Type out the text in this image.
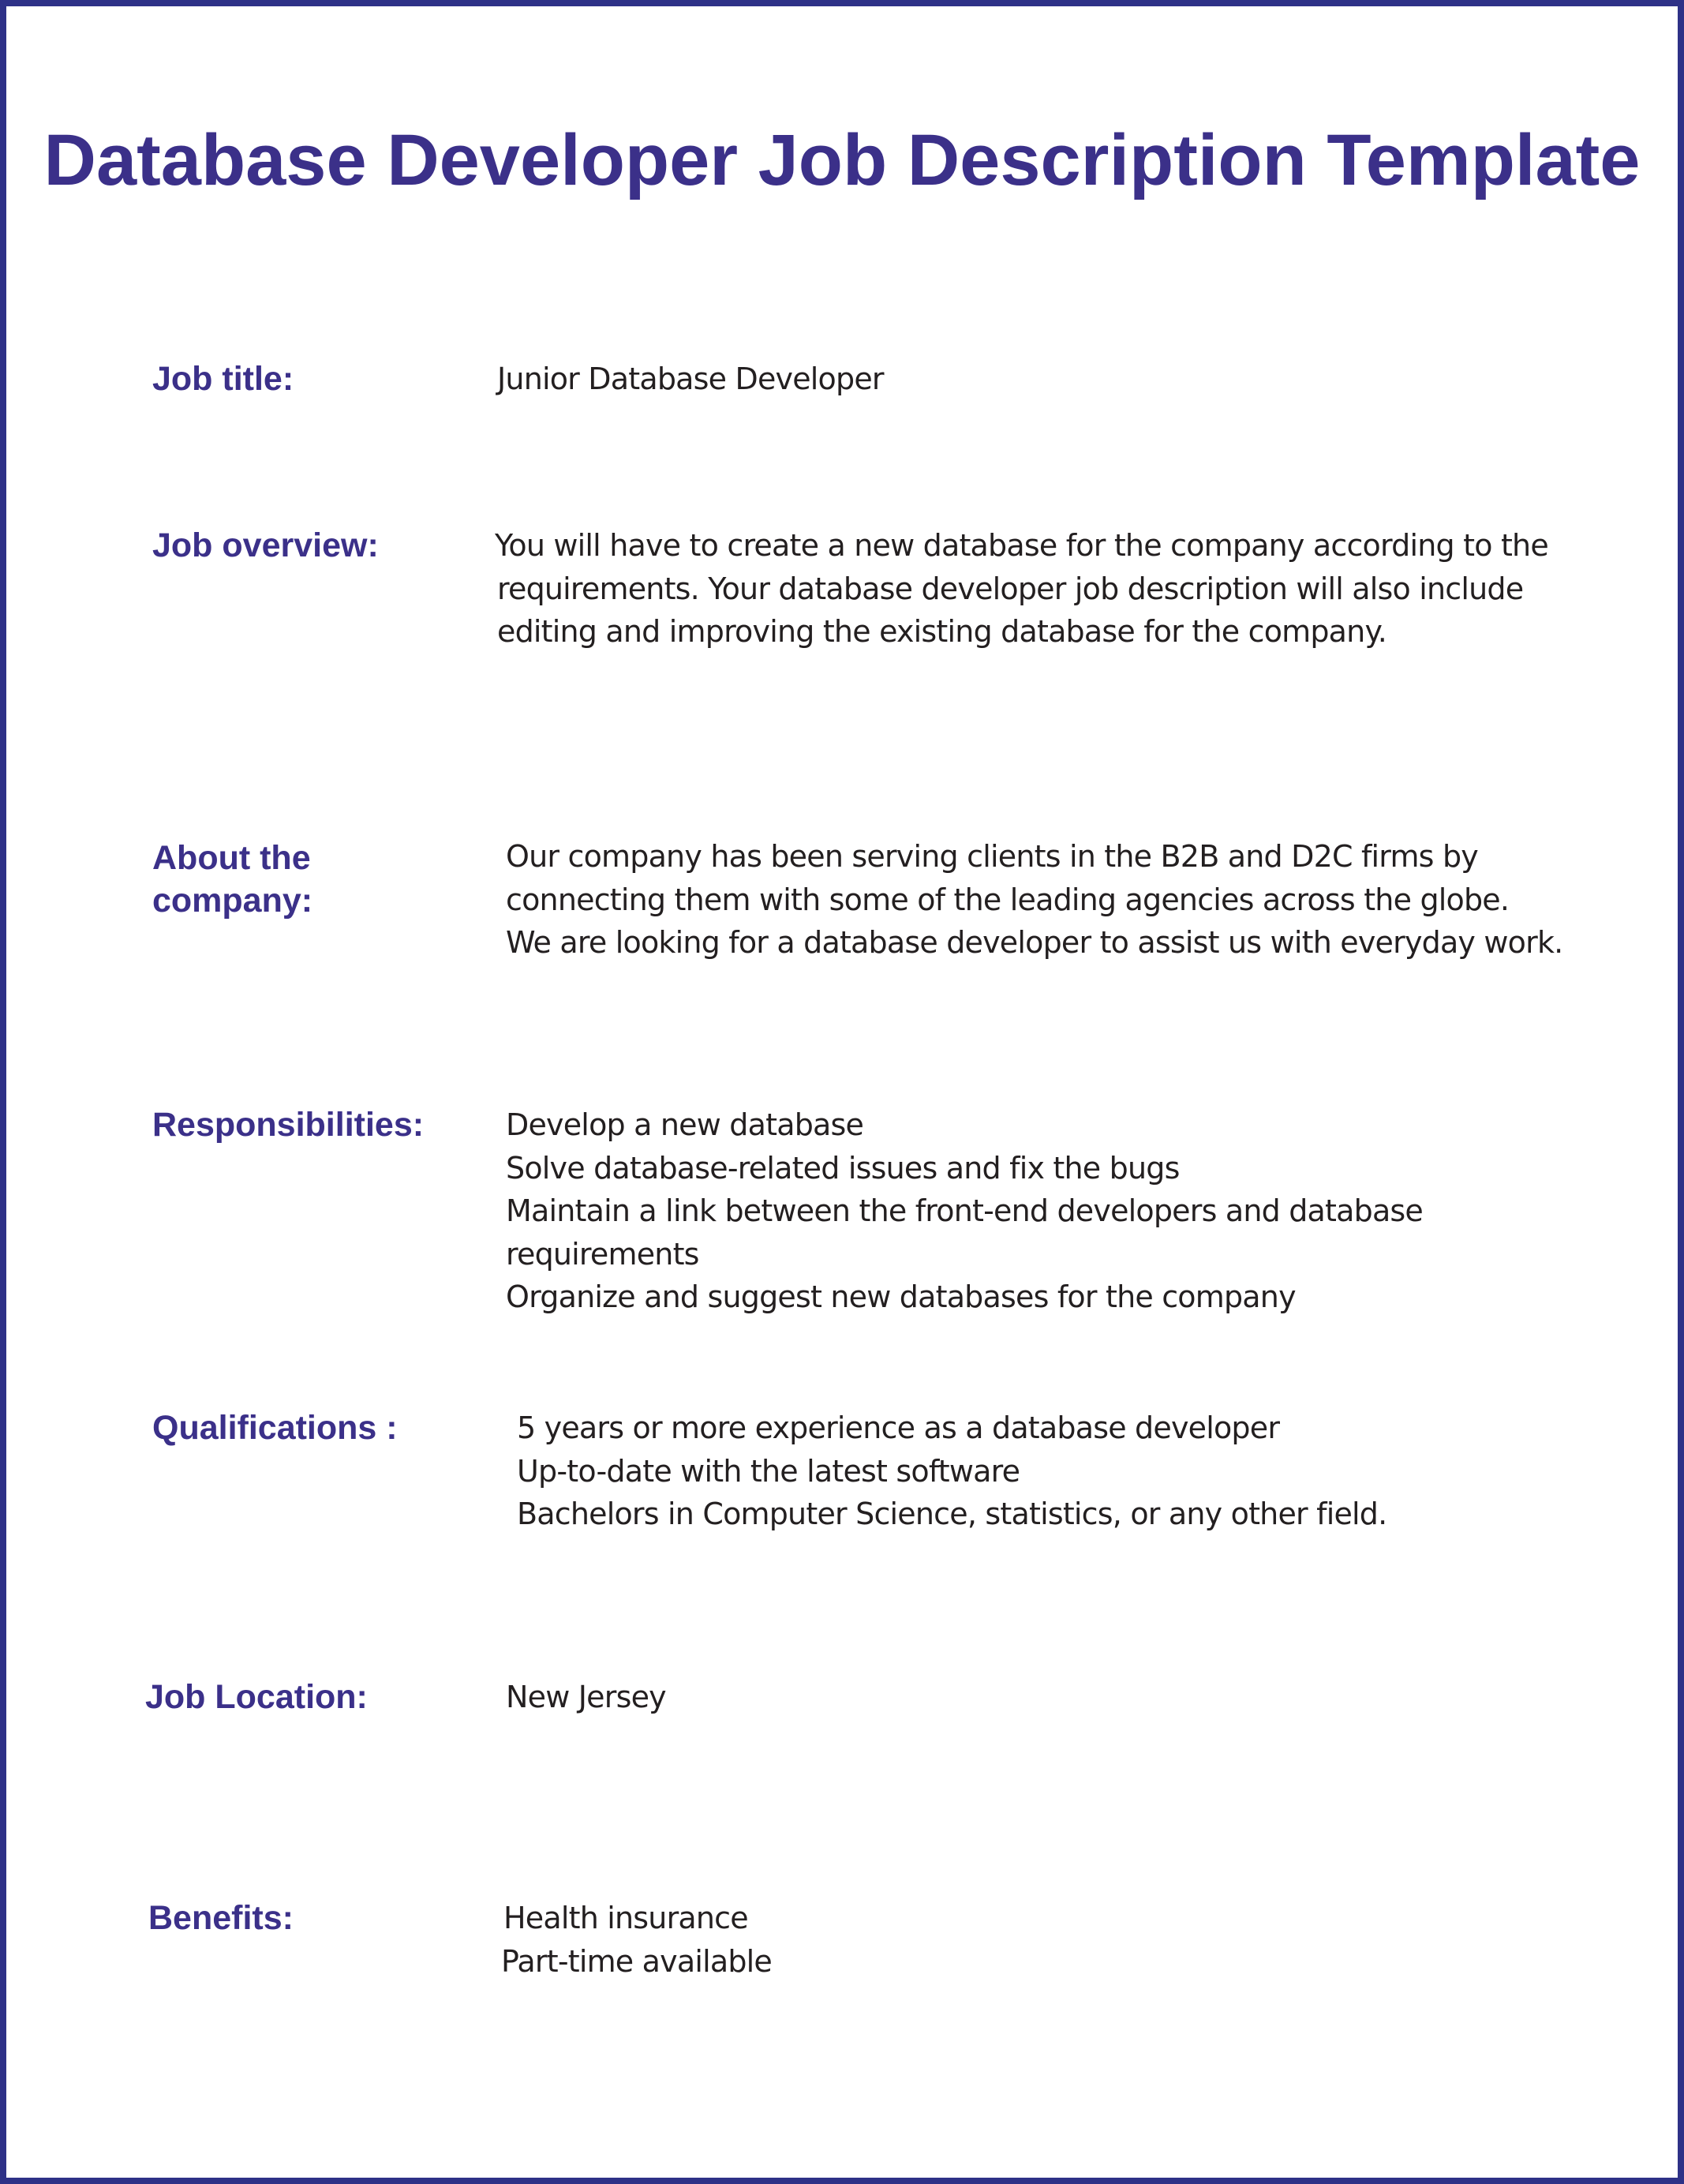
Database Developer Job Description Template
Job title:	Junior Database Developer
Job overview:	You will have to create a new database for the company according to the
requirements. Your database developer job description will also include
editing and improving the existing database for the company.
About the
company:
Our company has been serving clients in the B2B and D2C firms by
connecting them with some of the leading agencies across the globe.
We are looking for a database developer to assist us with everyday work.
Responsibilities:	Develop a new database
Solve database-related issues and fix the bugs
Maintain a link between the front-end developers and database
requirements
Organize and suggest new databases for the company
Qualifications :	5 years or more experience as a database developer
Up-to-date with the latest software
Bachelors in Computer Science, statistics, or any other field.
Job Location:	New Jersey
Benefits:	Health insurance
Part-time available
